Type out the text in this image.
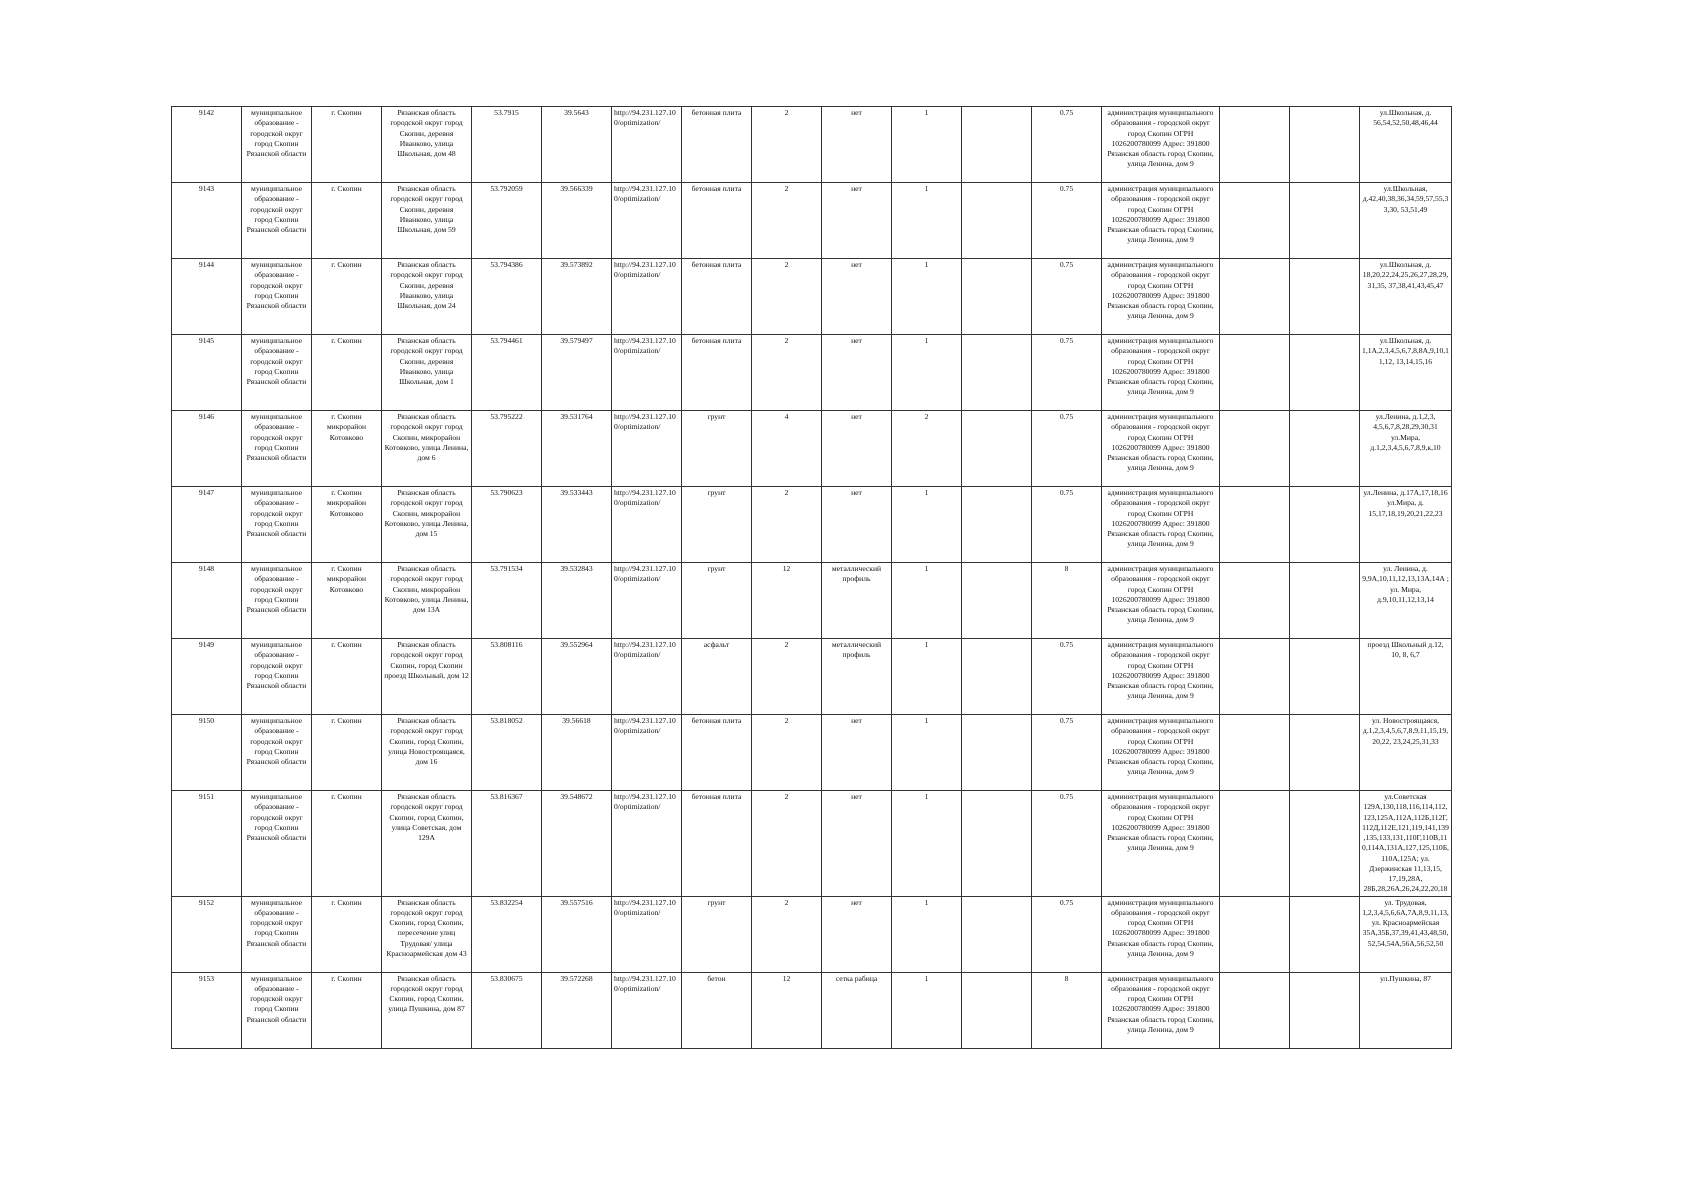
9142	муниципальное образование - городской округ город Скопин Рязанской области	г. Скопин	Рязанская область городской округ город Скопин, деревня Иванково, улица Школьная, дом 48	53.7915	39.5643	http://94.231.127.10 0/optimization/	бетонная плита	2	нет	1		0.75	администрация муниципального образования - городской округ город Скопин ОГРН 1026200780099 Адрес: 391800 Рязанская область город Скопин, улица Ленина, дом 9			ул.Школьная, д. 56,54,52,50,48,46,44
9143	муниципальное образование - городской округ город Скопин Рязанской области	г. Скопин	Рязанская область городской округ город Скопин, деревня Иванково, улица Школьная, дом 59	53.792059	39.566339	http://94.231.127.10 0/optimization/	бетонная плита	2	нет	1		0.75	администрация муниципального образования - городской округ город Скопин ОГРН 1026200780099 Адрес: 391800 Рязанская область город Скопин, улица Ленина, дом 9			ул.Школьная, д.42,40,38,36,34,59,57,55,3 3,30, 53,51,49
9144	муниципальное образование - городской округ город Скопин Рязанской области	г. Скопин	Рязанская область городской округ город Скопин, деревня Иванково, улица Школьная, дом 24	53.794386	39.573892	http://94.231.127.10 0/optimization/	бетонная плита	2	нет	1		0.75	администрация муниципального образования - городской округ город Скопин ОГРН 1026200780099 Адрес: 391800 Рязанская область город Скопин, улица Ленина, дом 9			ул.Школьная, д. 18,20,22,24,25,26,27,28,29, 31,35, 37,38,41,43,45,47
9145	муниципальное образование - городской округ город Скопин Рязанской области	г. Скопин	Рязанская область городской округ город Скопин, деревня Иванково, улица Школьная, дом 1	53.794461	39.579497	http://94.231.127.10 0/optimization/	бетонная плита	2	нет	1		0.75	администрация муниципального образования - городской округ город Скопин ОГРН 1026200780099 Адрес: 391800 Рязанская область город Скопин, улица Ленина, дом 9			ул.Школьная, д. 1,1А,2,3,4,5,6,7,8,8А,9,10,1 1,12, 13,14,15,16
9146	муниципальное образование - городской округ город Скопин Рязанской области	г. Скопин микрорайон Котовково	Рязанская область городской округ город Скопин, микрорайон Котовково, улица Ленина, дом 6	53.795222	39.531764	http://94.231.127.10 0/optimization/	грунт	4	нет	2		0.75	администрация муниципального образования - городской округ город Скопин ОГРН 1026200780099 Адрес: 391800 Рязанская область город Скопин, улица Ленина, дом 9			ул.Ленина, д.1,2,3, 4,5,6,7,8,28,29,30,31 ул.Мира, д.1,2,3,4,5,6,7,8,9,к,10
9147	муниципальное образование - городской округ город Скопин Рязанской области	г. Скопин микрорайон Котовково	Рязанская область городской округ город Скопин, микрорайон Котовково, улица Ленина, дом 15	53.790623	39.533443	http://94.231.127.10 0/optimization/	грунт	2	нет	1		0.75	администрация муниципального образования - городской округ город Скопин ОГРН 1026200780099 Адрес: 391800 Рязанская область город Скопин, улица Ленина, дом 9			ул.Ленина, д.17А,17,18,16 ул.Мира, д. 15,17,18,19,20,21,22,23
9148	муниципальное образование - городской округ город Скопин Рязанской области	г. Скопин микрорайон Котовково	Рязанская область городской округ город Скопин, микрорайон Котовково, улица Ленина, дом 13А	53.791534	39.532843	http://94.231.127.10 0/optimization/	грунт	12	металлический профиль	1		8	администрация муниципального образования - городской округ город Скопин ОГРН 1026200780099 Адрес: 391800 Рязанская область город Скопин, улица Ленина, дом 9			ул. Ленина, д. 9,9А,10,11,12,13,13А,14А ; ул. Мира, д.9,10,11,12,13,14
9149	муниципальное образование - городской округ город Скопин Рязанской области	г. Скопин	Рязанская область городской округ город Скопин, город Скопин проезд Школьный, дом 12	53.808116	39.552964	http://94.231.127.10 0/optimization/	асфальт	2	металлический профиль	1		0.75	администрация муниципального образования - городской округ город Скопин ОГРН 1026200780099 Адрес: 391800 Рязанская область город Скопин, улица Ленина, дом 9			проезд Школьный д.12, 10, 8, 6,7
9150	муниципальное образование - городской округ город Скопин Рязанской области	г. Скопин	Рязанская область городской округ город Скопин, город Скопин, улица Новостроящаяся, дом 16	53.818052	39.56618	http://94.231.127.10 0/optimization/	бетонная плита	2	нет	1		0.75	администрация муниципального образования - городской округ город Скопин ОГРН 1026200780099 Адрес: 391800 Рязанская область город Скопин, улица Ленина, дом 9			ул. Новостроящаяся, д.1,2,3,4,5,6,7,8,9,11,15,19, 20,22, 23,24,25,31,33
9151	муниципальное образование - городской округ город Скопин Рязанской области	г. Скопин	Рязанская область городской округ город Скопин, город Скопин, улица Советская, дом 129А	53.816367	39.548672	http://94.231.127.10 0/optimization/	бетонная плита	2	нет	1		0.75	администрация муниципального образования - городской округ город Скопин ОГРН 1026200780099 Адрес: 391800 Рязанская область город Скопин, улица Ленина, дом 9			ул.Советская 129А,130,118,116,114,112, 123,125А,112А,112Б,112Г, 112Д,112Е,121,119,141,139 ,135,133,131,110Г,110В,11 0,114А,131А,127,125,110Б, 110А,125А; ул. Дзержинская 11,13,15, 17,19,28А, 28Б,28,26А,26,24,22,20,18
9152	муниципальное образование - городской округ город Скопин Рязанской области	г. Скопин	Рязанская область городской округ город Скопин, город Скопин, пересечение улиц Трудовая/ улица Красноармейская дом 43	53.832254	39.557516	http://94.231.127.10 0/optimization/	грунт	2	нет	1		0.75	администрация муниципального образования - городской округ город Скопин ОГРН 1026200780099 Адрес: 391800 Рязанская область город Скопин, улица Ленина, дом 9			ул. Трудовая, 1,2,3,4,5,6,6А,7А,8,9,11,13, ул. Красноармейская 35А,35Б,37,39,41,43,48,50, 52,54,54А,56А,56,52,50
9153	муниципальное образование - городской округ город Скопин Рязанской области	г. Скопин	Рязанская область городской округ город Скопин, город Скопин, улица Пушкина, дом 87	53.830675	39.572268	http://94.231.127.10 0/optimization/	бетон	12	сетка рабица	1		8	администрация муниципального образования - городской округ город Скопин ОГРН 1026200780099 Адрес: 391800 Рязанская область город Скопин, улица Ленина, дом 9			ул.Пушкина, 87
